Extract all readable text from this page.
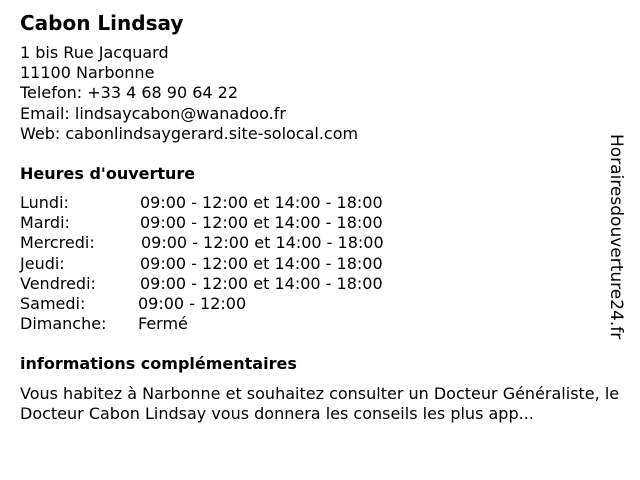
Cabon Lindsay
1 bis Rue Jacquard
11100 Narbonne
Telefon: +33 4 68 90 64 22
Email: lindsaycabon@wanadoo.fr
Web: cabonlindsaygerard.site-solocal.com
Heures d'ouverture
Lundi:	09:00 - 12:00 et 14:00 - 18:00
Mardi:	09:00 - 12:00 et 14:00 - 18:00
Mercredi:	09:00 - 12:00 et 14:00 - 18:00
Jeudi:	09:00 - 12:00 et 14:00 - 18:00
Vendredi:	09:00 - 12:00 et 14:00 - 18:00
Samedi:	09:00 - 12:00
Dimanche: Fermé
informations complémentaires

Vous habitez à Narbonne et souhaitez consulter un Docteur Généraliste, le Docteur Cabon Lindsay vous donnera les conseils les plus app...

Horairesdouverture24.fr
